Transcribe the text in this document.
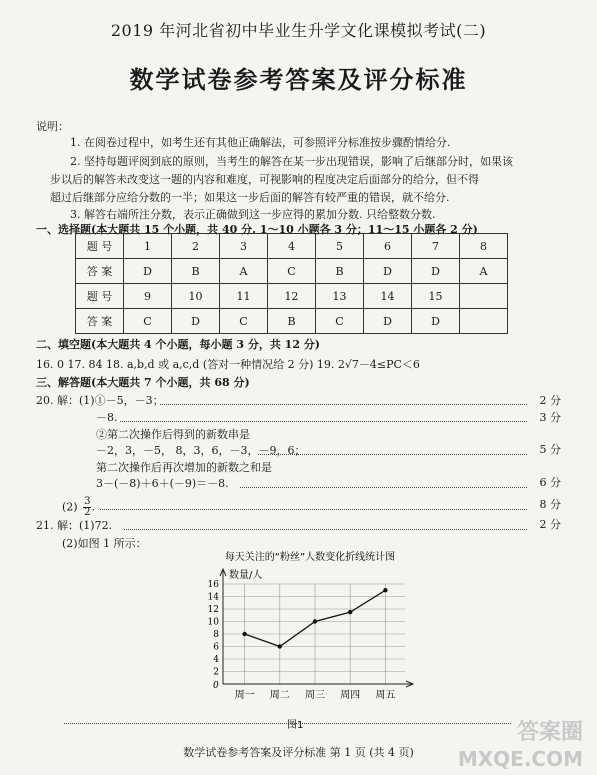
2019 年河北省初中毕业生升学文化课模拟考试(二)
数学试卷参考答案及评分标准
说明：
1. 在阅卷过程中，如考生还有其他正确解法，可参照评分标准按步骤酌情给分.
2. 坚持每题评阅到底的原则，当考生的解答在某一步出现错误，影响了后继部分时，如果该
步以后的解答未改变这一题的内容和难度，可视影响的程度决定后面部分的给分，但不得
超过后继部分应给分数的一半；如果这一步后面的解答有较严重的错误，就不给分.
3. 解答右端所注分数，表示正确做到这一步应得的累加分数. 只给整数分数.
一、选择题(本大题共 15 个小题，共 40 分. 1～10 小题各 3 分；11～15 小题各 2 分)
题 号	1	2	3	4	5	6	7	8
答 案	D	B	A	C	B	D	D	A
题 号	9	10	11	12	13	14	15	
答 案	C	D	C	B	C	D	D	
二、填空题(本大题共 4 个小题，每小题 3 分，共 12 分)
16. 0 17. 84 18. a,b,d 或 a,c,d (答对一种情况给 2 分) 19. 2√7－4≤PC＜6
三、解答题(本大题共 7 个小题，共 68 分)
20. 解：(1)①－5，－3；	2 分
－8.	3 分
②第二次操作后得到的新数串是
－2，3，－5， 8，3，6，－3，－9，6；	5 分
第二次操作后再次增加的新数之和是
3－(－8)＋6＋(－9)＝－8.	6 分
$(2) \frac{3}{2}$ .	8 分
21. 解：(1)72.	2 分
(2)如图 1 所示：
每天关注的“粉丝”人数变化折线统计图
数量/人
2
4
6
8
10
12
14
16
周一 周二 周三 周四 周五
0
图1
数学试卷参考答案及评分标准 第 1 页 (共 4 页)
答案圈
MXQE.COM
